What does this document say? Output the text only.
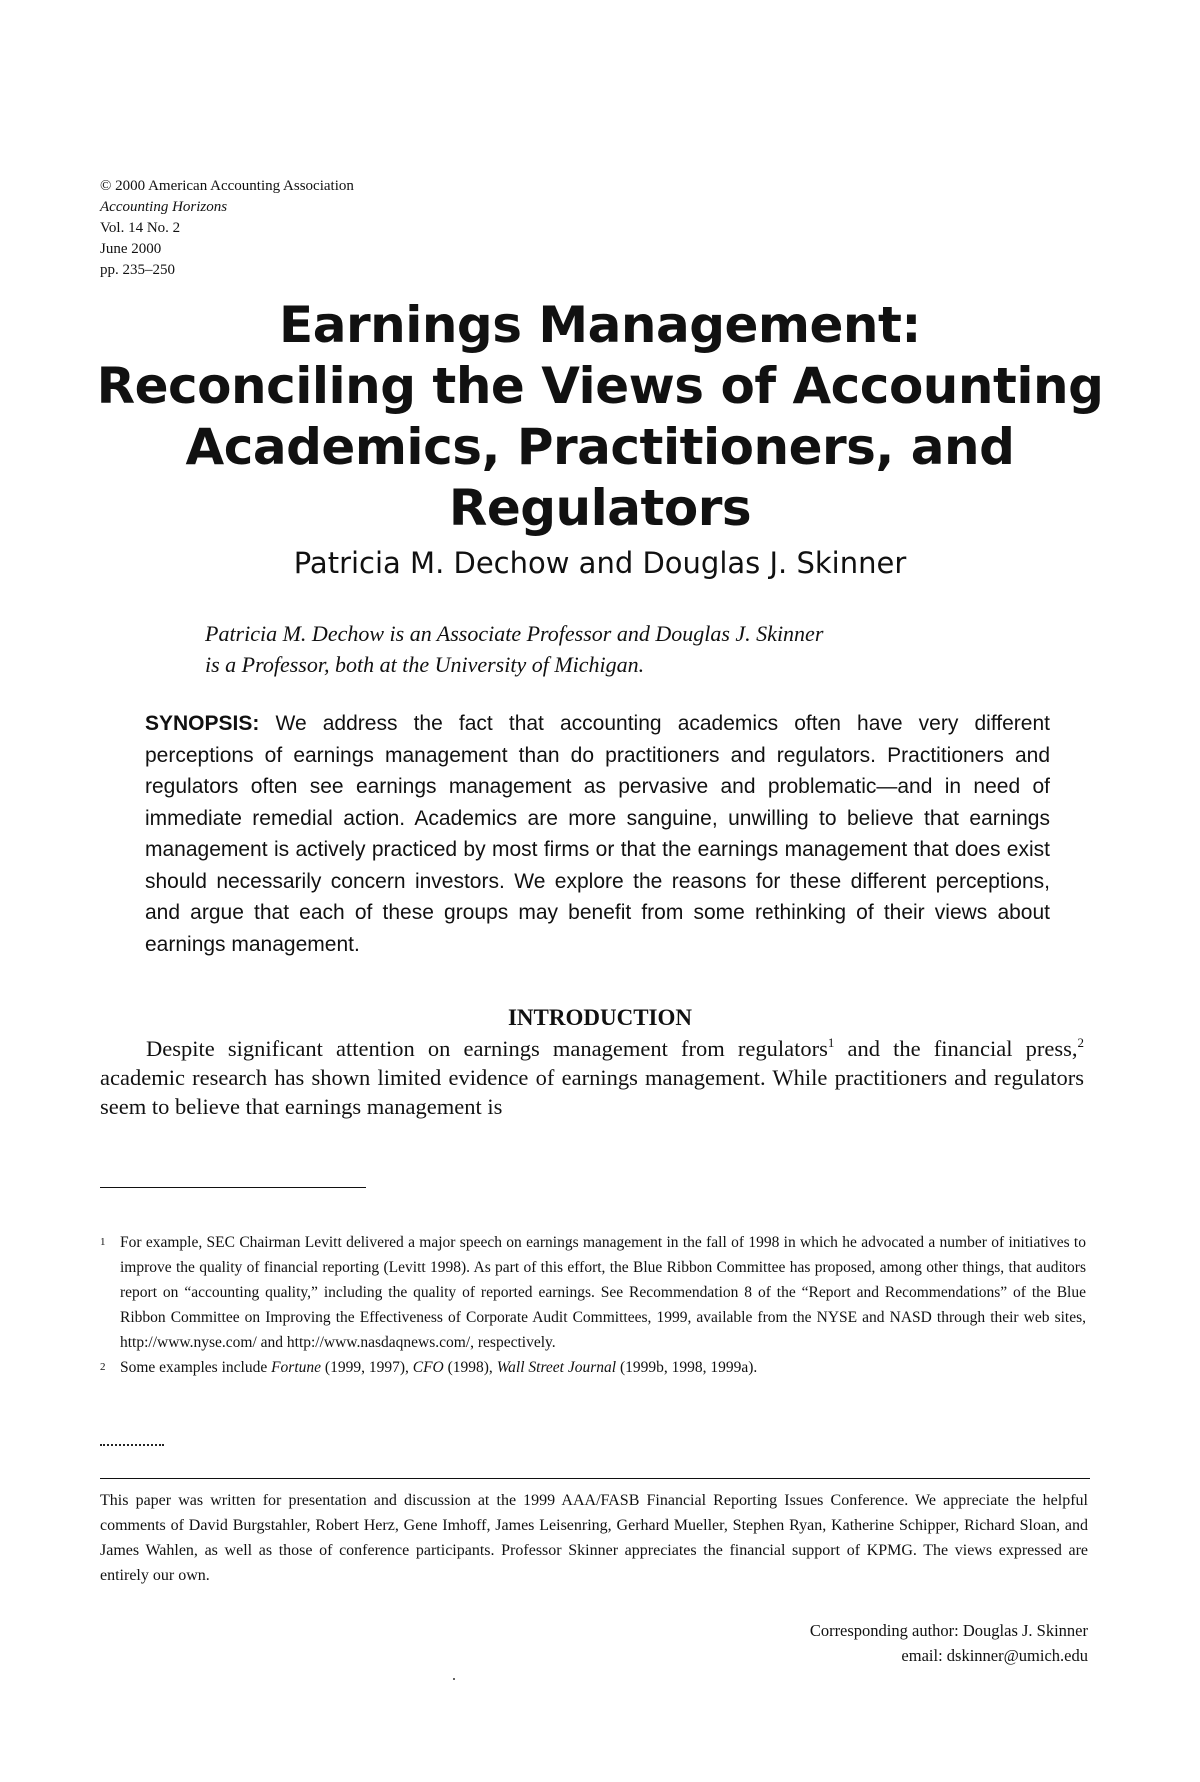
© 2000 American Accounting Association
Accounting Horizons
Vol. 14 No. 2
June 2000
pp. 235–250
Earnings Management:
Reconciling the Views of Accounting
Academics, Practitioners, and
Regulators
Patricia M. Dechow and Douglas J. Skinner
Patricia M. Dechow is an Associate Professor and Douglas J. Skinner
is a Professor, both at the University of Michigan.
SYNOPSIS: We address the fact that accounting academics often have very different perceptions of earnings management than do practitioners and regulators. Practitioners and regulators often see earnings management as pervasive and problematic—and in need of immediate remedial action. Academics are more sanguine, unwilling to believe that earnings management is actively practiced by most firms or that the earnings management that does exist should necessarily concern investors. We explore the reasons for these different perceptions, and argue that each of these groups may benefit from some rethinking of their views about earnings management.
INTRODUCTION
Despite significant attention on earnings management from regulators$^1$ and the financial press,$^2$ academic research has shown limited evidence of earnings management. While practitioners and regulators seem to believe that earnings management is
1 For example, SEC Chairman Levitt delivered a major speech on earnings management in the fall of 1998 in which he advocated a number of initiatives to improve the quality of financial reporting (Levitt 1998). As part of this effort, the Blue Ribbon Committee has proposed, among other things, that auditors report on “accounting quality,” including the quality of reported earnings. See Recommendation 8 of the “Report and Recommendations” of the Blue Ribbon Committee on Improving the Effectiveness of Corporate Audit Committees, 1999, available from the NYSE and NASD through their web sites, http://www.nyse.com/ and http://www.nasdaqnews.com/, respectively.
2 Some examples include Fortune (1999, 1997), CFO (1998), Wall Street Journal (1999b, 1998, 1999a).
This paper was written for presentation and discussion at the 1999 AAA/FASB Financial Reporting Issues Conference. We appreciate the helpful comments of David Burgstahler, Robert Herz, Gene Imhoff, James Leisenring, Gerhard Mueller, Stephen Ryan, Katherine Schipper, Richard Sloan, and James Wahlen, as well as those of conference participants. Professor Skinner appreciates the financial support of KPMG. The views expressed are entirely our own.
Corresponding author: Douglas J. Skinner
email: dskinner@umich.edu
